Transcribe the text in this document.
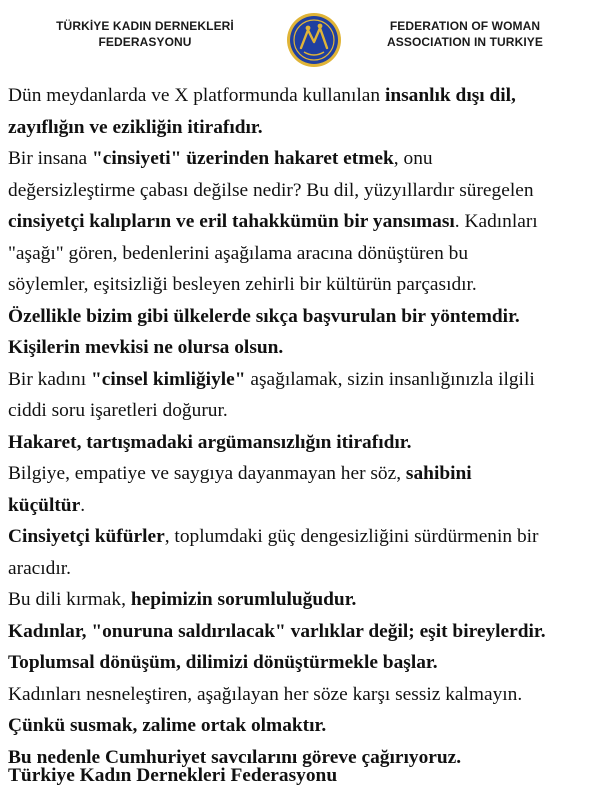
TÜRKİYE KADIN DERNEKLERİ
FEDERASYONU
FEDERATION OF WOMAN
ASSOCIATION IN TURKIYE

Dün meydanlarda ve X platformunda kullanılan insanlık dışı dil,

zayıflığın ve ezikliğin itirafıdır.

Bir insana "cinsiyeti" üzerinden hakaret etmek, onu

değersizleştirme çabası değilse nedir? Bu dil, yüzyıllardır süregelen

cinsiyetçi kalıpların ve eril tahakkümün bir yansıması. Kadınları

"aşağı" gören, bedenlerini aşağılama aracına dönüştüren bu

söylemler, eşitsizliği besleyen zehirli bir kültürün parçasıdır.

Özellikle bizim gibi ülkelerde sıkça başvurulan bir yöntemdir.

Kişilerin mevkisi ne olursa olsun.

Bir kadını "cinsel kimliğiyle" aşağılamak, sizin insanlığınızla ilgili

ciddi soru işaretleri doğurur.

Hakaret, tartışmadaki argümansızlığın itirafıdır.

Bilgiye, empatiye ve saygıya dayanmayan her söz, sahibini

küçültür.

Cinsiyetçi küfürler, toplumdaki güç dengesizliğini sürdürmenin bir

aracıdır.

Bu dili kırmak, hepimizin sorumluluğudur.

Kadınlar, "onuruna saldırılacak" varlıklar değil; eşit bireylerdir.

Toplumsal dönüşüm, dilimizi dönüştürmekle başlar.

Kadınları nesneleştiren, aşağılayan her söze karşı sessiz kalmayın.

Çünkü susmak, zalime ortak olmaktır.

Bu nedenle Cumhuriyet savcılarını göreve çağırıyoruz.

Türkiye Kadın Dernekleri Federasyonu
